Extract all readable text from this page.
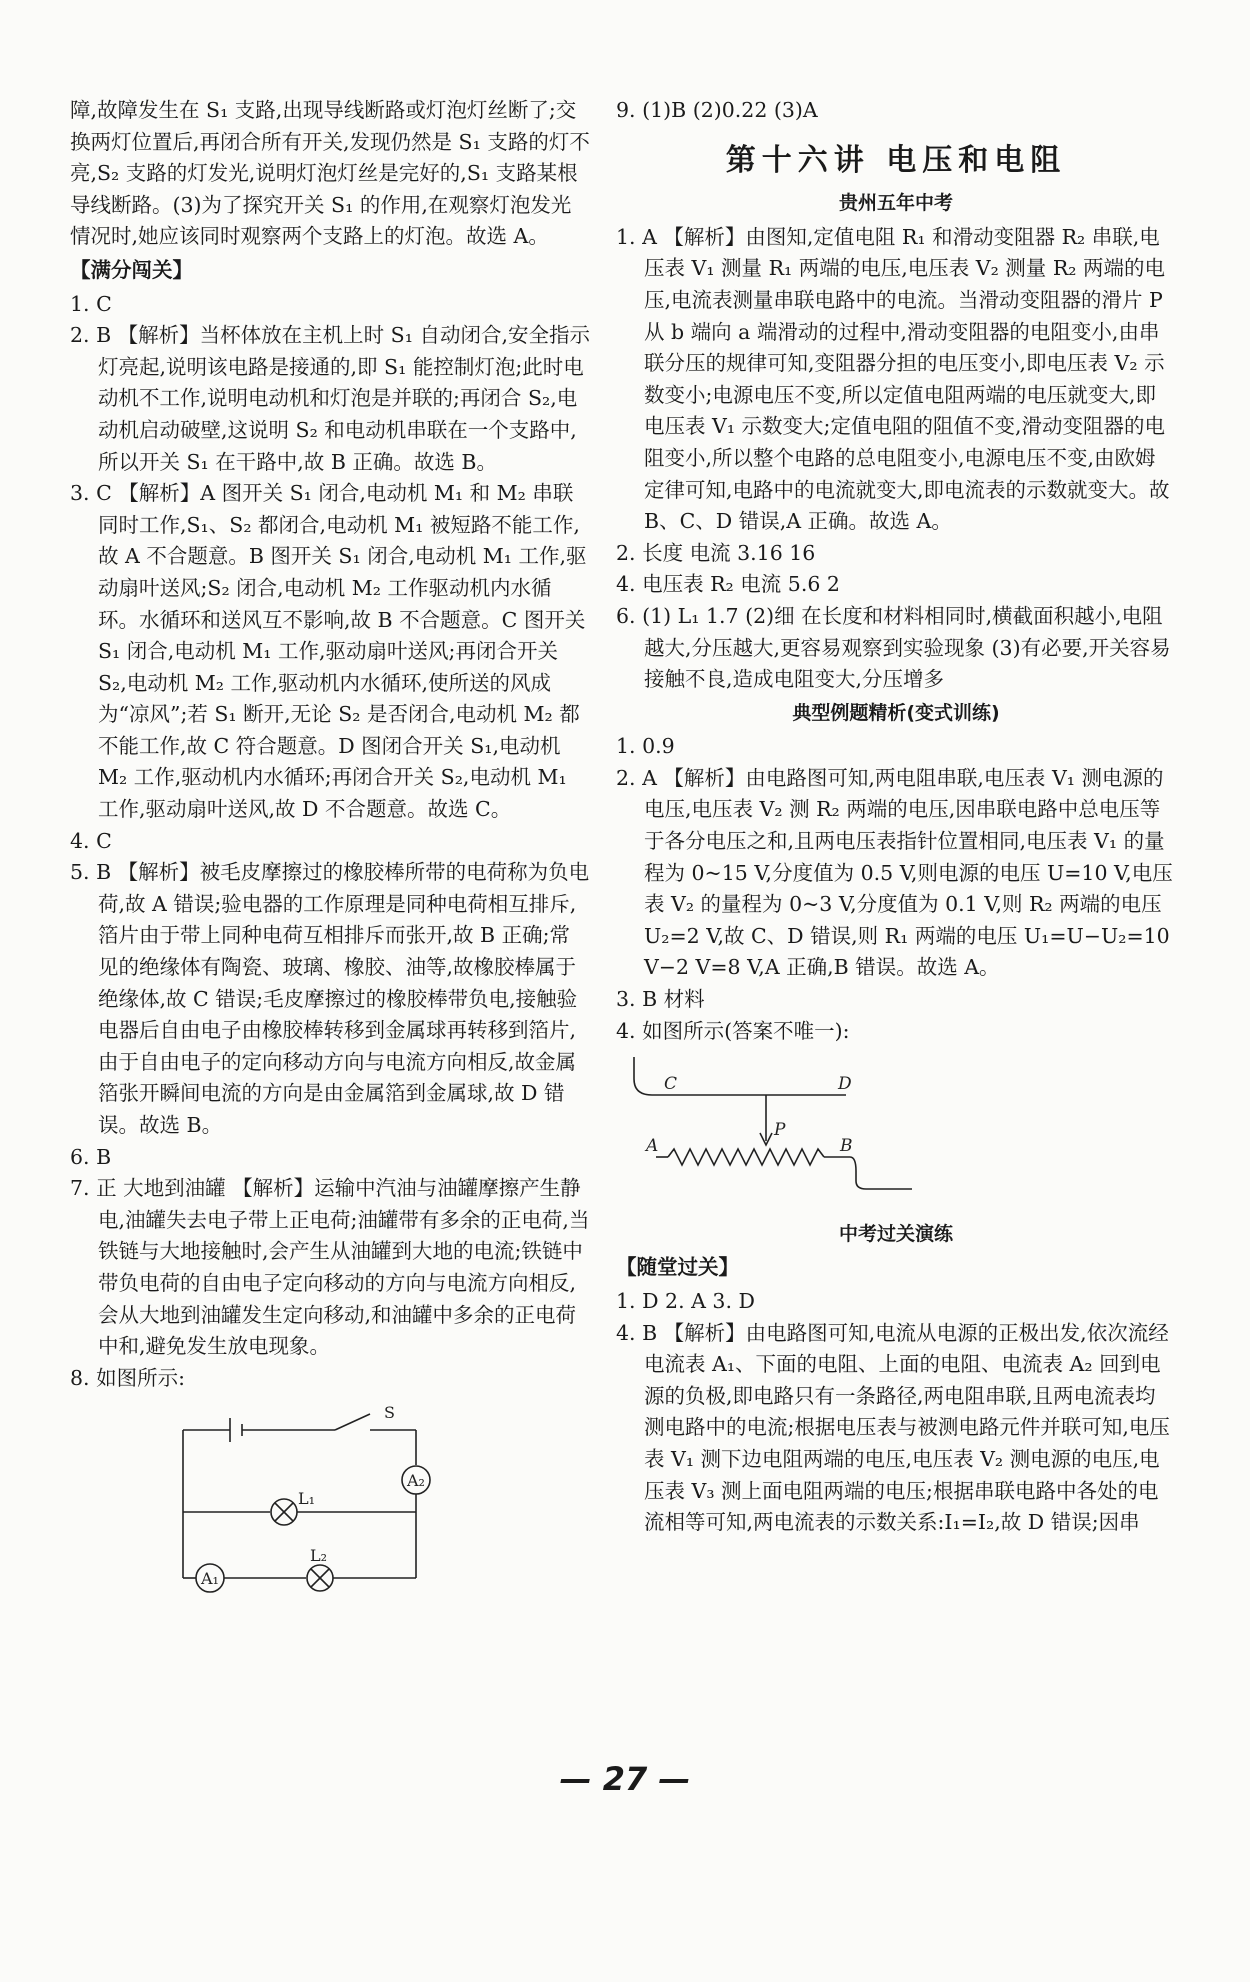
障,故障发生在 S₁ 支路,出现导线断路或灯泡灯丝断了;交换两灯位置后,再闭合所有开关,发现仍然是 S₁ 支路的灯不亮,S₂ 支路的灯发光,说明灯泡灯丝是完好的,S₁ 支路某根导线断路。(3)为了探究开关 S₁ 的作用,在观察灯泡发光情况时,她应该同时观察两个支路上的灯泡。故选 A。

【满分闯关】

1. C

2. B 【解析】当杯体放在主机上时 S₁ 自动闭合,安全指示灯亮起,说明该电路是接通的,即 S₁ 能控制灯泡;此时电动机不工作,说明电动机和灯泡是并联的;再闭合 S₂,电动机启动破壁,这说明 S₂ 和电动机串联在一个支路中,所以开关 S₁ 在干路中,故 B 正确。故选 B。

3. C 【解析】A 图开关 S₁ 闭合,电动机 M₁ 和 M₂ 串联同时工作,S₁、S₂ 都闭合,电动机 M₁ 被短路不能工作,故 A 不合题意。B 图开关 S₁ 闭合,电动机 M₁ 工作,驱动扇叶送风;S₂ 闭合,电动机 M₂ 工作驱动机内水循环。水循环和送风互不影响,故 B 不合题意。C 图开关 S₁ 闭合,电动机 M₁ 工作,驱动扇叶送风;再闭合开关 S₂,电动机 M₂ 工作,驱动机内水循环,使所送的风成为“凉风”;若 S₁ 断开,无论 S₂ 是否闭合,电动机 M₂ 都不能工作,故 C 符合题意。D 图闭合开关 S₁,电动机 M₂ 工作,驱动机内水循环;再闭合开关 S₂,电动机 M₁ 工作,驱动扇叶送风,故 D 不合题意。故选 C。

4. C

5. B 【解析】被毛皮摩擦过的橡胶棒所带的电荷称为负电荷,故 A 错误;验电器的工作原理是同种电荷相互排斥,箔片由于带上同种电荷互相排斥而张开,故 B 正确;常见的绝缘体有陶瓷、玻璃、橡胶、油等,故橡胶棒属于绝缘体,故 C 错误;毛皮摩擦过的橡胶棒带负电,接触验电器后自由电子由橡胶棒转移到金属球再转移到箔片,由于自由电子的定向移动方向与电流方向相反,故金属箔张开瞬间电流的方向是由金属箔到金属球,故 D 错误。故选 B。

6. B

7. 正 大地到油罐 【解析】运输中汽油与油罐摩擦产生静电,油罐失去电子带上正电荷;油罐带有多余的正电荷,当铁链与大地接触时,会产生从油罐到大地的电流;铁链中带负电荷的自由电子定向移动的方向与电流方向相反,会从大地到油罐发生定向移动,和油罐中多余的正电荷中和,避免发生放电现象。

8. 如图所示:

S
A₂
A₁
L₁
L₂

9. (1)B (2)0.22 (3)A

第十六讲 电压和电阻
贵州五年中考

1. A 【解析】由图知,定值电阻 R₁ 和滑动变阻器 R₂ 串联,电压表 V₁ 测量 R₁ 两端的电压,电压表 V₂ 测量 R₂ 两端的电压,电流表测量串联电路中的电流。当滑动变阻器的滑片 P 从 b 端向 a 端滑动的过程中,滑动变阻器的电阻变小,由串联分压的规律可知,变阻器分担的电压变小,即电压表 V₂ 示数变小;电源电压不变,所以定值电阻两端的电压就变大,即电压表 V₁ 示数变大;定值电阻的阻值不变,滑动变阻器的电阻变小,所以整个电路的总电阻变小,电源电压不变,由欧姆定律可知,电路中的电流就变大,即电流表的示数就变大。故 B、C、D 错误,A 正确。故选 A。

2. 长度 电流 3.16 16

4. 电压表 R₂ 电流 5.6 2

6. (1) L₁ 1.7 (2)细 在长度和材料相同时,横截面积越小,电阻越大,分压越大,更容易观察到实验现象 (3)有必要,开关容易接触不良,造成电阻变大,分压增多

典型例题精析(变式训练)

1. 0.9

2. A 【解析】由电路图可知,两电阻串联,电压表 V₁ 测电源的电压,电压表 V₂ 测 R₂ 两端的电压,因串联电路中总电压等于各分电压之和,且两电压表指针位置相同,电压表 V₁ 的量程为 0~15 V,分度值为 0.5 V,则电源的电压 U=10 V,电压表 V₂ 的量程为 0~3 V,分度值为 0.1 V,则 R₂ 两端的电压 U₂=2 V,故 C、D 错误,则 R₁ 两端的电压 U₁=U−U₂=10 V−2 V=8 V,A 正确,B 错误。故选 A。

3. B 材料

4. 如图所示(答案不唯一):

C	D
A	B
P
中考过关演练

【随堂过关】

1. D 2. A 3. D

4. B 【解析】由电路图可知,电流从电源的正极出发,依次流经电流表 A₁、下面的电阻、上面的电阻、电流表 A₂ 回到电源的负极,即电路只有一条路径,两电阻串联,且两电流表均测电路中的电流;根据电压表与被测电路元件并联可知,电压表 V₁ 测下边电阻两端的电压,电压表 V₂ 测电源的电压,电压表 V₃ 测上面电阻两端的电压;根据串联电路中各处的电流相等可知,两电流表的示数关系:I₁=I₂,故 D 错误;因串

— 27 —
